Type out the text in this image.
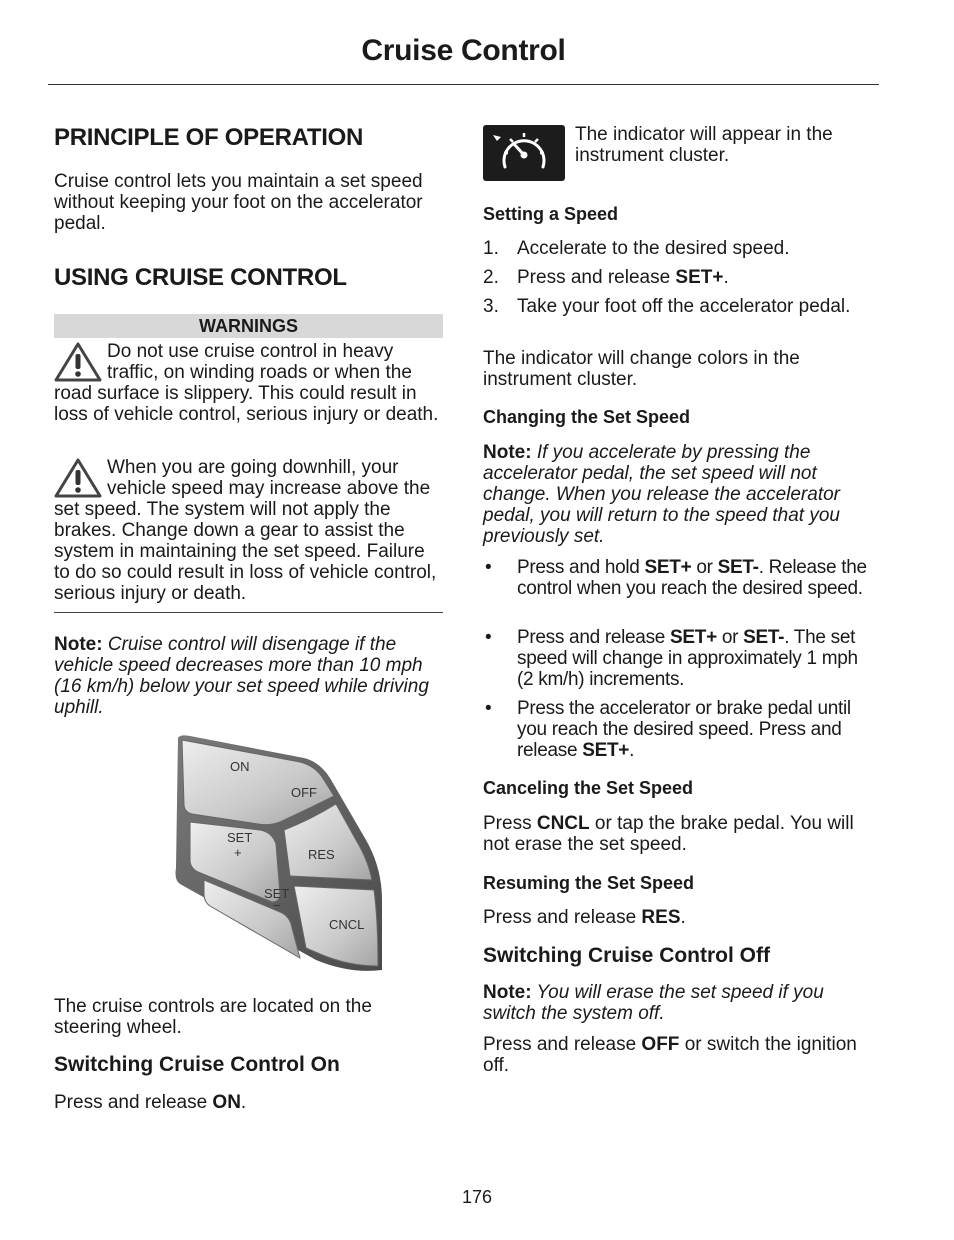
Cruise Control
PRINCIPLE OF OPERATION
Cruise control lets you maintain a set speed without keeping your foot on the accelerator pedal.
USING CRUISE CONTROL
WARNINGS
Do not use cruise control in heavy traffic, on winding roads or when the road surface is slippery. This could result in loss of vehicle control, serious injury or death.
When you are going downhill, your vehicle speed may increase above the set speed. The system will not apply the brakes. Change down a gear to assist the system in maintaining the set speed. Failure to do so could result in loss of vehicle control, serious injury or death.
Note: Cruise control will disengage if the vehicle speed decreases more than 10 mph (16 km/h) below your set speed while driving uphill.
ON
OFF
SET
+	RES
SET
−
CNCL
The cruise controls are located on the steering wheel.
Switching Cruise Control On
Press and release ON.
The indicator will appear in the instrument cluster.
Setting a Speed
1. Accelerate to the desired speed.
2. Press and release SET+.
3. Take your foot off the accelerator pedal.
The indicator will change colors in the instrument cluster.
Changing the Set Speed
Note: If you accelerate by pressing the accelerator pedal, the set speed will not change. When you release the accelerator pedal, you will return to the speed that you previously set.
• Press and hold SET+ or SET-. Release the control when you reach the desired speed.
• Press and release SET+ or SET-. The set speed will change in approximately 1 mph (2 km/h) increments.
• Press the accelerator or brake pedal until you reach the desired speed. Press and release SET+.
Canceling the Set Speed
Press CNCL or tap the brake pedal. You will not erase the set speed.
Resuming the Set Speed
Press and release RES.
Switching Cruise Control Off
Note: You will erase the set speed if you switch the system off.
Press and release OFF or switch the ignition off.
176
